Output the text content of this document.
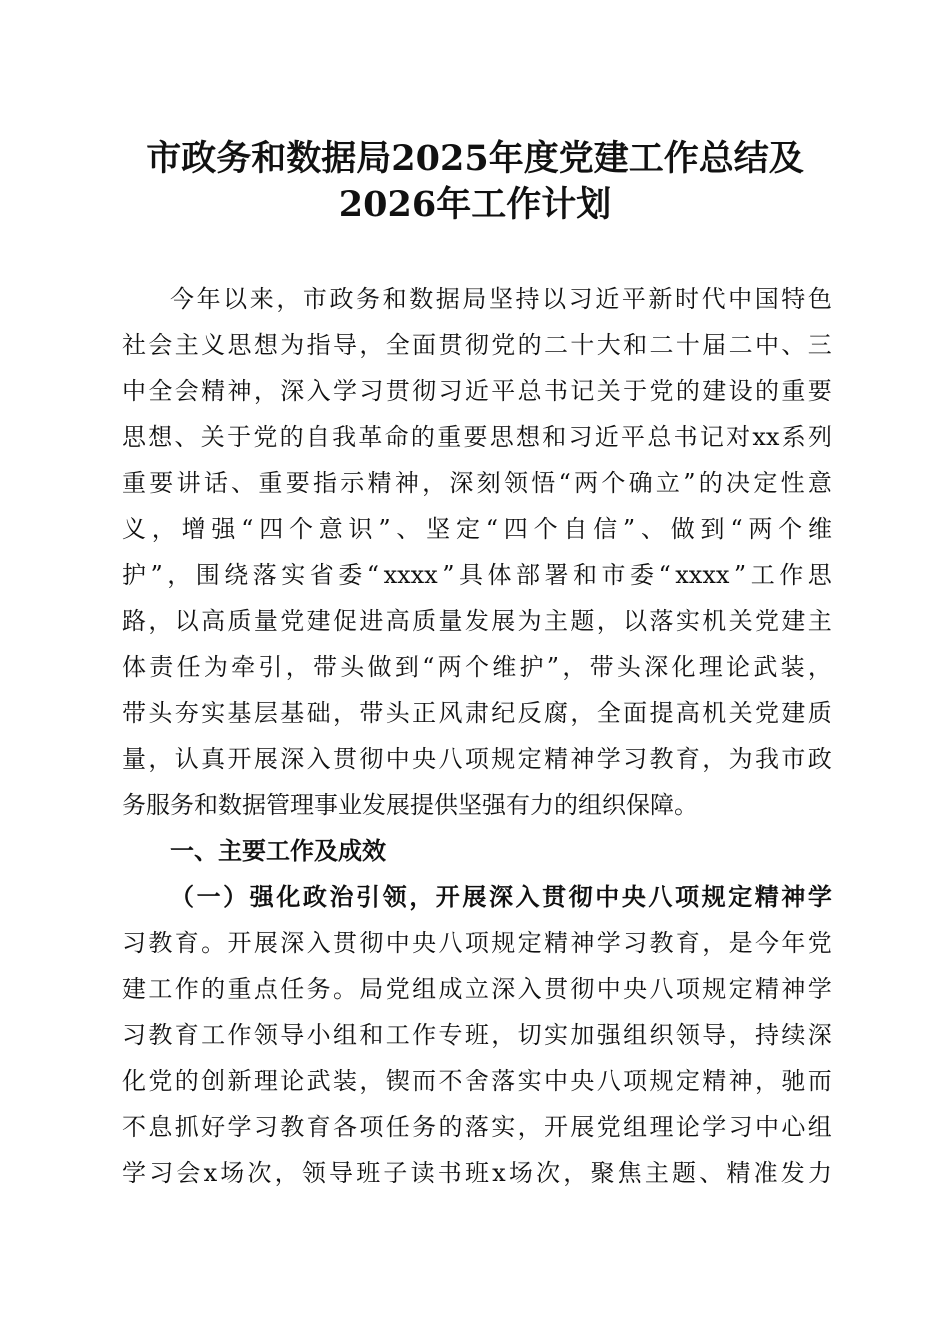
市政务和数据局2025年度党建工作总结及
2026年工作计划
今 年 以 来 ， 市 政 务 和 数 据 局 坚 持 以 习 近 平 新 时 代 中 国 特 色
社 会 主 义 思 想 为 指 导 ， 全 面 贯 彻 党 的 二 十 大 和 二 十 届 二 中 、 三
中 全 会 精 神 ， 深 入 学 习 贯 彻 习 近 平 总 书 记 关 于 党 的 建 设 的 重 要
思 想 、 关 于 党 的 自 我 革 命 的 重 要 思 想 和 习 近 平 总 书 记 对 xx 系 列
重 要 讲 话 、 重 要 指 示 精 神 ， 深 刻 领 悟 “ 两 个 确 立 ” 的 决 定 性 意
义 ， 增 强 “ 四 个 意 识 ” 、 坚 定 “ 四 个 自 信 ” 、 做 到 “ 两 个 维
护 ” ， 围 绕 落 实 省 委 “ xxxx ” 具 体 部 署 和 市 委 “ xxxx ” 工 作 思
路 ， 以 高 质 量 党 建 促 进 高 质 量 发 展 为 主 题 ， 以 落 实 机 关 党 建 主
体 责 任 为 牵 引 ， 带 头 做 到 “ 两 个 维 护 ” ， 带 头 深 化 理 论 武 装 ，
带 头 夯 实 基 层 基 础 ， 带 头 正 风 肃 纪 反 腐 ， 全 面 提 高 机 关 党 建 质
量 ， 认 真 开 展 深 入 贯 彻 中 央 八 项 规 定 精 神 学 习 教 育 ， 为 我 市 政
务 服 务 和 数 据 管 理 事 业 发 展 提 供 坚 强 有 力 的 组 织 保 障 。
一、主要工作及成效
（ 一 ） 强 化 政 治 引 领 ， 开 展 深 入 贯 彻 中 央 八 项 规 定 精 神 学
习 教 育 。 开 展 深 入 贯 彻 中 央 八 项 规 定 精 神 学 习 教 育 ， 是 今 年 党
建 工 作 的 重 点 任 务 。 局 党 组 成 立 深 入 贯 彻 中 央 八 项 规 定 精 神 学
习 教 育 工 作 领 导 小 组 和 工 作 专 班 ， 切 实 加 强 组 织 领 导 ， 持 续 深
化 党 的 创 新 理 论 武 装 ， 锲 而 不 舍 落 实 中 央 八 项 规 定 精 神 ， 驰 而
不 息 抓 好 学 习 教 育 各 项 任 务 的 落 实 ， 开 展 党 组 理 论 学 习 中 心 组
学 习 会 x 场 次 ， 领 导 班 子 读 书 班 x 场 次 ， 聚 焦 主 题 、 精 准 发 力
